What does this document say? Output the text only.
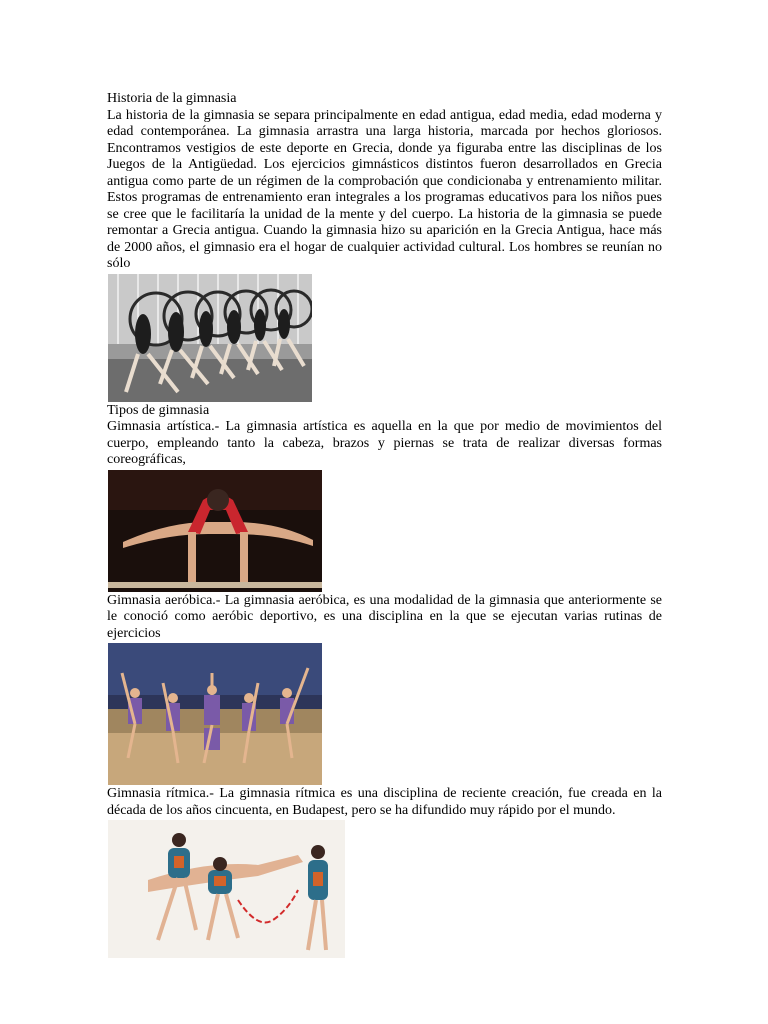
Historia de la gimnasia

La historia de la gimnasia se separa principalmente en edad antigua, edad media, edad moderna y edad contemporánea. La gimnasia arrastra una larga historia, marcada por hechos gloriosos. Encontramos vestigios de este deporte en Grecia, donde ya figuraba entre las disciplinas de los Juegos de la Antigüedad. Los ejercicios gimnásticos distintos fueron desarrollados en Grecia antigua como parte de un régimen de la comprobación que condicionaba y entrenamiento militar. Estos programas de entrenamiento eran integrales a los programas educativos para los niños pues se cree que le facilitaría la unidad de la mente y del cuerpo. La historia de la gimnasia se puede remontar a Grecia antigua. Cuando la gimnasia hizo su aparición en la Grecia Antigua, hace más de 2000 años, el gimnasio era el hogar de cualquier actividad cultural. Los hombres se reunían no sólo

Tipos de gimnasia

Gimnasia artística.- La gimnasia artística es aquella en la que por medio de movimientos del cuerpo, empleando tanto la cabeza, brazos y piernas se trata de realizar diversas formas coreográficas,

Gimnasia aeróbica.- La gimnasia aeróbica, es una modalidad de la gimnasia que anteriormente se le conoció como aeróbic deportivo, es una disciplina en la que se ejecutan varias rutinas de ejercicios

Gimnasia rítmica.- La gimnasia rítmica es una disciplina de reciente creación, fue creada en la década de los años cincuenta, en Budapest, pero se ha difundido muy rápido por el mundo.
